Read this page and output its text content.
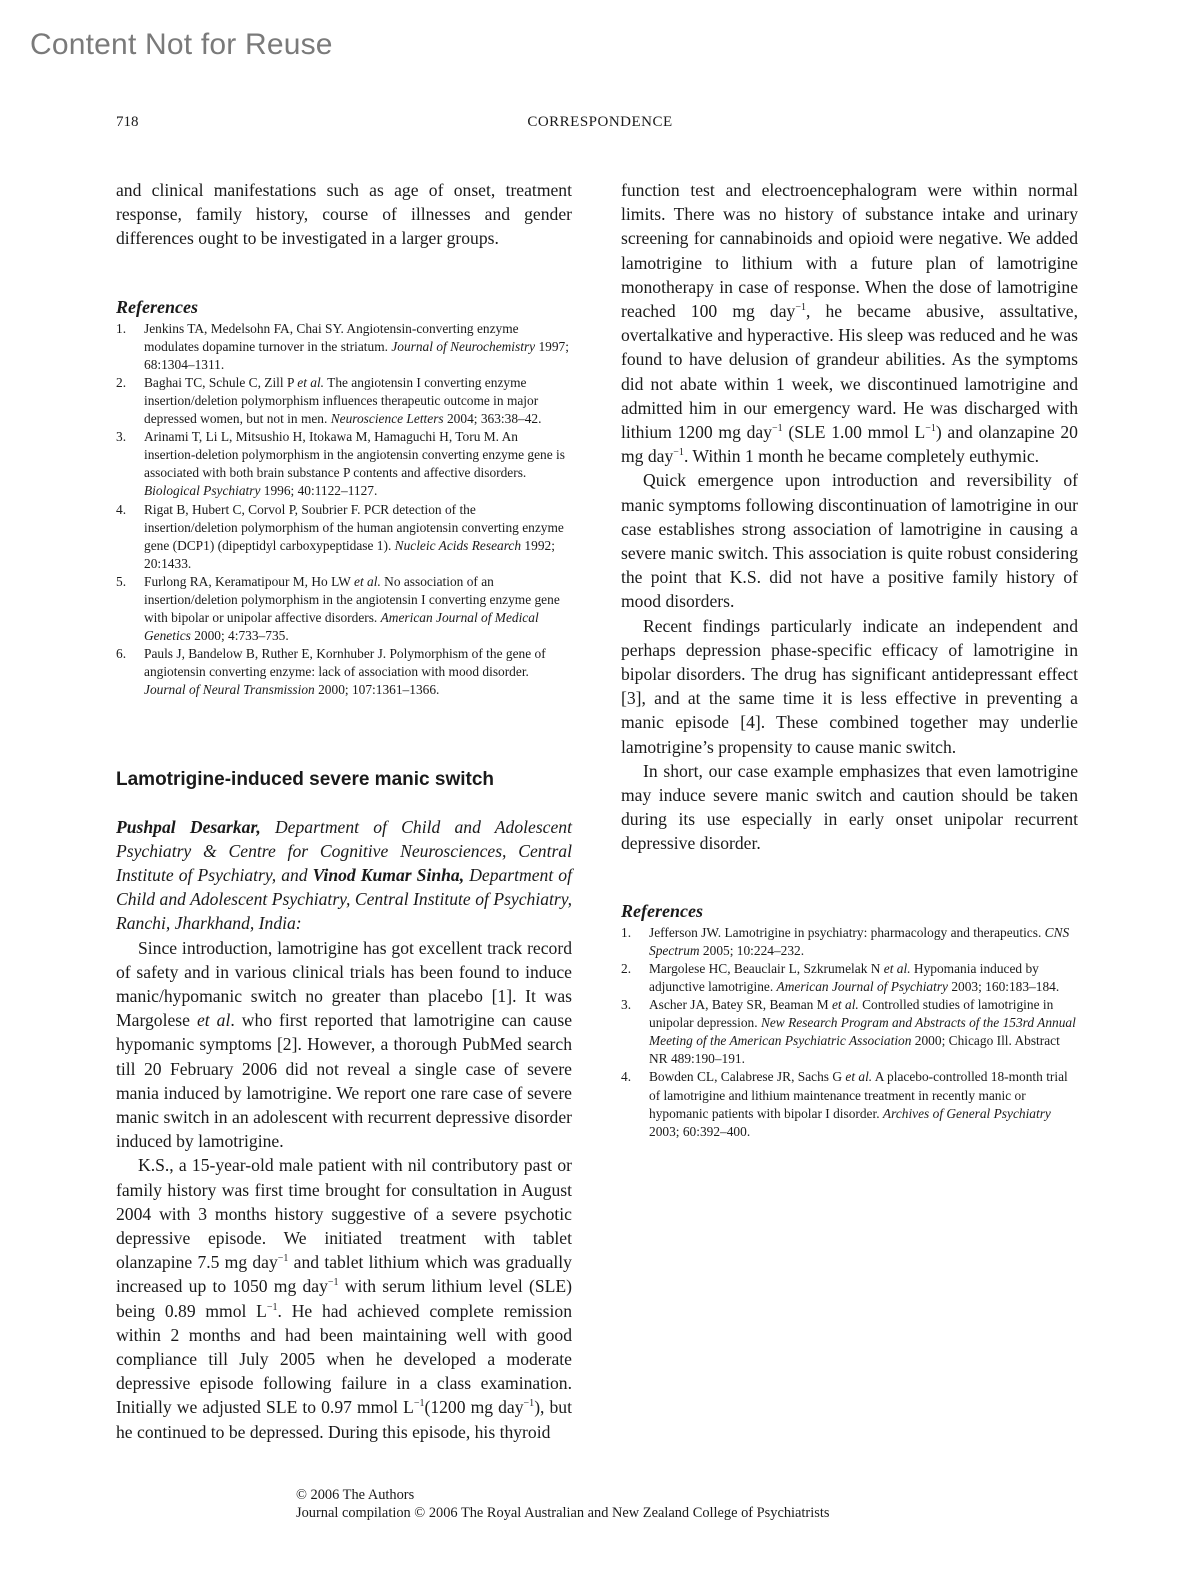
Content Not for Reuse
718	CORRESPONDENCE

and clinical manifestations such as age of onset, treatment response, family history, course of illnesses and gender differences ought to be investigated in a larger groups.

References
1. Jenkins TA, Medelsohn FA, Chai SY. Angiotensin-converting enzyme modulates dopamine turnover in the striatum. Journal of Neurochemistry 1997; 68:1304–1311.
2. Baghai TC, Schule C, Zill P et al. The angiotensin I converting enzyme insertion/deletion polymorphism influences therapeutic outcome in major depressed women, but not in men. Neuroscience Letters 2004; 363:38–42.
3. Arinami T, Li L, Mitsushio H, Itokawa M, Hamaguchi H, Toru M. An insertion-deletion polymorphism in the angiotensin converting enzyme gene is associated with both brain substance P contents and affective disorders. Biological Psychiatry 1996; 40:1122–1127.
4. Rigat B, Hubert C, Corvol P, Soubrier F. PCR detection of the insertion/deletion polymorphism of the human angiotensin converting enzyme gene (DCP1) (dipeptidyl carboxypeptidase 1). Nucleic Acids Research 1992; 20:1433.
5. Furlong RA, Keramatipour M, Ho LW et al. No association of an insertion/deletion polymorphism in the angiotensin I converting enzyme gene with bipolar or unipolar affective disorders. American Journal of Medical Genetics 2000; 4:733–735.
6. Pauls J, Bandelow B, Ruther E, Kornhuber J. Polymorphism of the gene of angiotensin converting enzyme: lack of association with mood disorder. Journal of Neural Transmission 2000; 107:1361–1366.
Lamotrigine-induced severe manic switch

Pushpal Desarkar, Department of Child and Adolescent Psychiatry & Centre for Cognitive Neurosciences, Central Institute of Psychiatry, and Vinod Kumar Sinha, Department of Child and Adolescent Psychiatry, Central Institute of Psychiatry, Ranchi, Jharkhand, India:

Since introduction, lamotrigine has got excellent track record of safety and in various clinical trials has been found to induce manic/hypomanic switch no greater than placebo [1]. It was Margolese et al. who first reported that lamotrigine can cause hypomanic symptoms [2]. However, a thorough PubMed search till 20 February 2006 did not reveal a single case of severe mania induced by lamotrigine. We report one rare case of severe manic switch in an adolescent with recurrent depressive disorder induced by lamotrigine.

K.S., a 15-year-old male patient with nil contributory past or family history was first time brought for consultation in August 2004 with 3 months history suggestive of a severe psychotic depressive episode. We initiated treatment with tablet olanzapine 7.5 mg day$^{-1}$ and tablet lithium which was gradually increased up to 1050 mg day$^{-1}$ with serum lithium level (SLE) being 0.89 mmol $L^{-1}$. He had achieved complete remission within 2 months and had been maintaining well with good compliance till July 2005 when he developed a moderate depressive episode following failure in a class examination. Initially we adjusted SLE to 0.97 mmol $L^{-1}(1200$ mg day$^{-1}$), but he continued to be depressed. During this episode, his thyroid

function test and electroencephalogram were within normal limits. There was no history of substance intake and urinary screening for cannabinoids and opioid were negative. We added lamotrigine to lithium with a future plan of lamotrigine monotherapy in case of response. When the dose of lamotrigine reached 100 mg day$^{-1}$, he became abusive, assultative, overtalkative and hyperactive. His sleep was reduced and he was found to have delusion of grandeur abilities. As the symptoms did not abate within 1 week, we discontinued lamotrigine and admitted him in our emergency ward. He was discharged with lithium 1200 mg day$^{-1}$ (SLE 1.00 mmol $L^{-1}$) and olanzapine 20 mg day$^{-1}$. Within 1 month he became completely euthymic.

Quick emergence upon introduction and reversibility of manic symptoms following discontinuation of lamotrigine in our case establishes strong association of lamotrigine in causing a severe manic switch. This association is quite robust considering the point that K.S. did not have a positive family history of mood disorders.

Recent findings particularly indicate an independent and perhaps depression phase-specific efficacy of lamotrigine in bipolar disorders. The drug has significant antidepressant effect [3], and at the same time it is less effective in preventing a manic episode [4]. These combined together may underlie lamotrigine’s propensity to cause manic switch.

In short, our case example emphasizes that even lamotrigine may induce severe manic switch and caution should be taken during its use especially in early onset unipolar recurrent depressive disorder.

References
1. Jefferson JW. Lamotrigine in psychiatry: pharmacology and therapeutics. CNS Spectrum 2005; 10:224–232.
2. Margolese HC, Beauclair L, Szkrumelak N et al. Hypomania induced by adjunctive lamotrigine. American Journal of Psychiatry 2003; 160:183–184.
3. Ascher JA, Batey SR, Beaman M et al. Controlled studies of lamotrigine in unipolar depression. New Research Program and Abstracts of the 153rd Annual Meeting of the American Psychiatric Association 2000; Chicago Ill. Abstract NR 489:190–191.
4. Bowden CL, Calabrese JR, Sachs G et al. A placebo-controlled 18-month trial of lamotrigine and lithium maintenance treatment in recently manic or hypomanic patients with bipolar I disorder. Archives of General Psychiatry 2003; 60:392–400.
© 2006 The Authors
Journal compilation © 2006 The Royal Australian and New Zealand College of Psychiatrists
